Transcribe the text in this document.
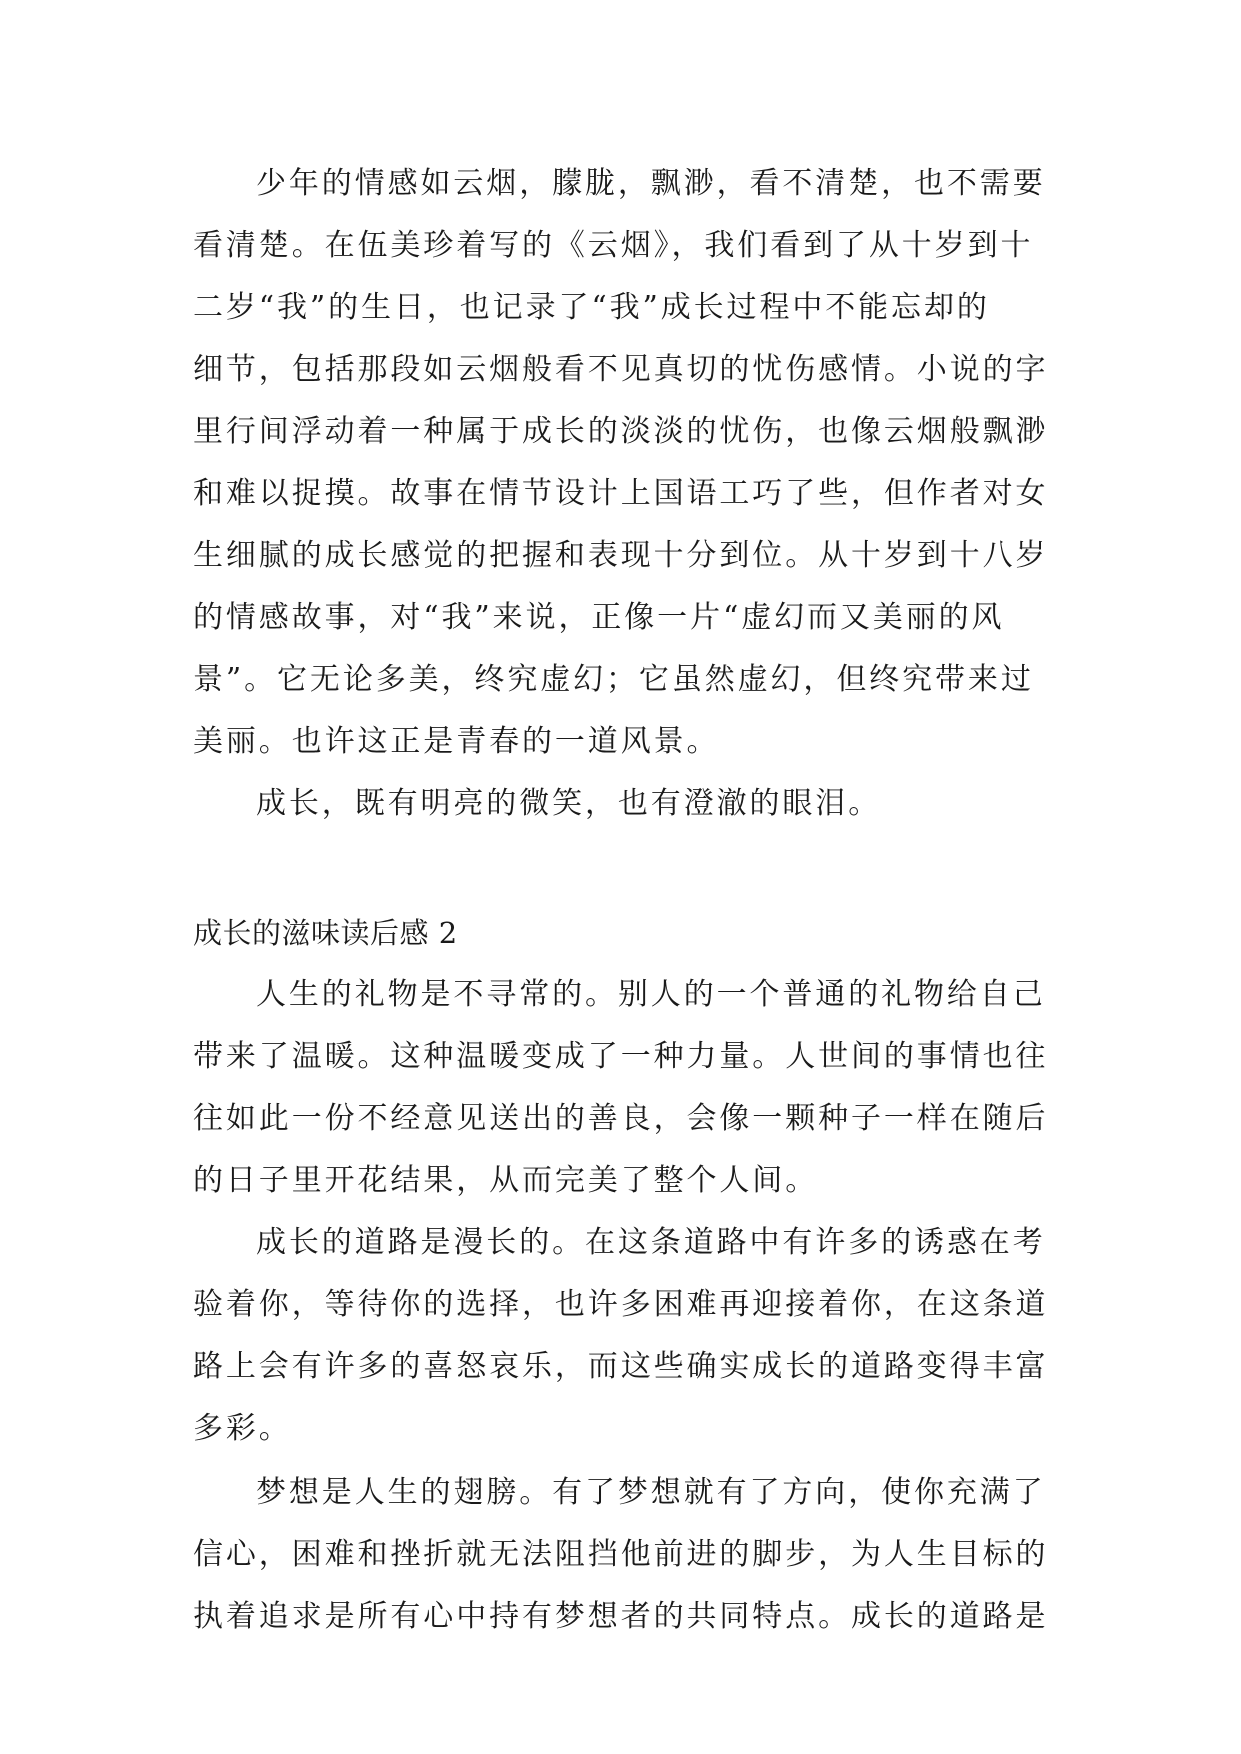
少年的情感如云烟，朦胧，飘渺，看不清楚，也不需要
看清楚。在伍美珍着写的《云烟》，我们看到了从十岁到十
二岁“我”的生日，也记录了“我”成长过程中不能忘却的
细节，包括那段如云烟般看不见真切的忧伤感情。小说的字
里行间浮动着一种属于成长的淡淡的忧伤，也像云烟般飘渺
和难以捉摸。故事在情节设计上国语工巧了些，但作者对女
生细腻的成长感觉的把握和表现十分到位。从十岁到十八岁
的情感故事，对“我”来说，正像一片“虚幻而又美丽的风
景”。它无论多美，终究虚幻；它虽然虚幻，但终究带来过
美丽。也许这正是青春的一道风景。
成长，既有明亮的微笑，也有澄澈的眼泪。
成长的滋味读后感 2
人生的礼物是不寻常的。别人的一个普通的礼物给自己
带来了温暖。这种温暖变成了一种力量。人世间的事情也往
往如此一份不经意见送出的善良，会像一颗种子一样在随后
的日子里开花结果，从而完美了整个人间。
成长的道路是漫长的。在这条道路中有许多的诱惑在考
验着你，等待你的选择，也许多困难再迎接着你，在这条道
路上会有许多的喜怒哀乐，而这些确实成长的道路变得丰富
多彩。
梦想是人生的翅膀。有了梦想就有了方向，使你充满了
信心，困难和挫折就无法阻挡他前进的脚步，为人生目标的
执着追求是所有心中持有梦想者的共同特点。成长的道路是
